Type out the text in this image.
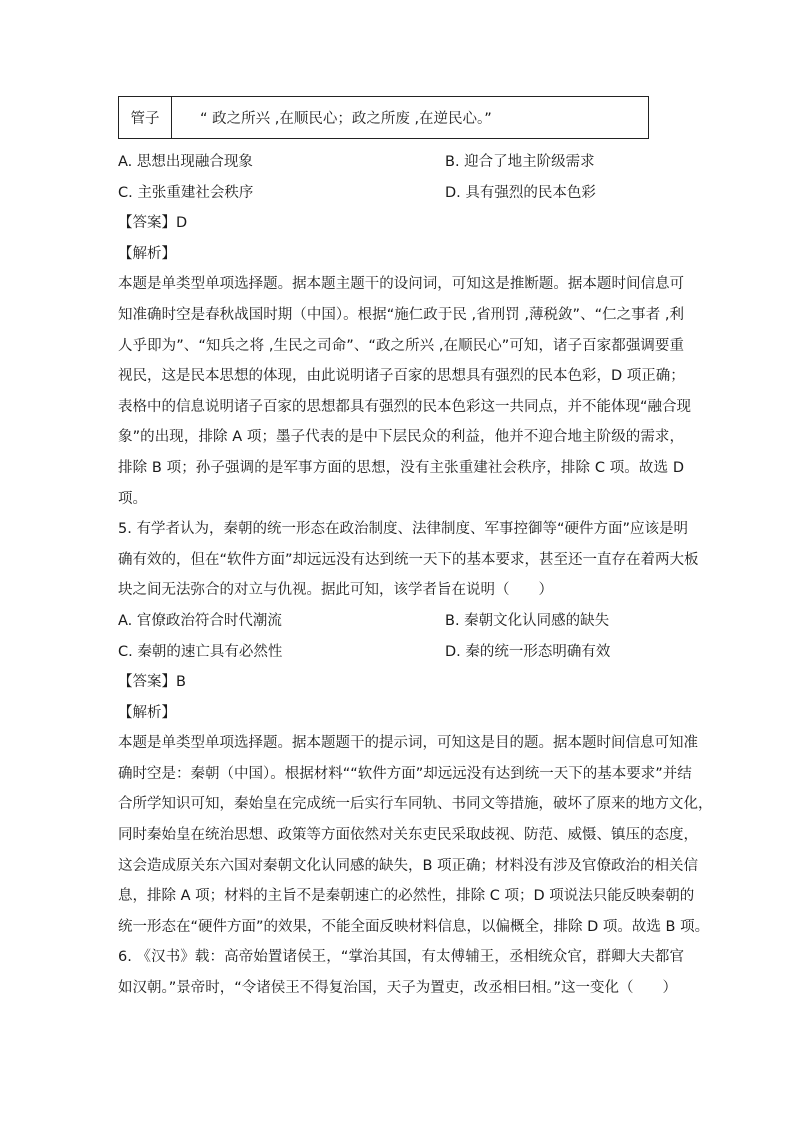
管子	“ 政之所兴 ,在顺民心；政之所废 ,在逆民心。”
A. 思想出现融合现象	B. 迎合了地主阶级需求
C. 主张重建社会秩序	D. 具有强烈的民本色彩
【答案】D
【解析】
本题是单类型单项选择题。据本题主题干的设问词，可知这是推断题。据本题时间信息可
知准确时空是春秋战国时期（中国）。根据“施仁政于民 ,省刑罚 ,薄税敛”、“仁之事者 ,利
人乎即为”、“知兵之将 ,生民之司命”、“政之所兴 ,在顺民心”可知，诸子百家都强调要重
视民，这是民本思想的体现，由此说明诸子百家的思想具有强烈的民本色彩，D 项正确；
表格中的信息说明诸子百家的思想都具有强烈的民本色彩这一共同点，并不能体现“融合现
象”的出现，排除 A 项；墨子代表的是中下层民众的利益，他并不迎合地主阶级的需求，
排除 B 项；孙子强调的是军事方面的思想，没有主张重建社会秩序，排除 C 项。故选 D
项。
5. 有学者认为，秦朝的统一形态在政治制度、法律制度、军事控御等“硬件方面”应该是明
确有效的，但在“软件方面”却远远没有达到统一天下的基本要求，甚至还一直存在着两大板
块之间无法弥合的对立与仇视。据此可知，该学者旨在说明（　　）
A. 官僚政治符合时代潮流	B. 秦朝文化认同感的缺失
C. 秦朝的速亡具有必然性	D. 秦的统一形态明确有效
【答案】B
【解析】
本题是单类型单项选择题。据本题题干的提示词，可知这是目的题。据本题时间信息可知准
确时空是：秦朝（中国）。根据材料““软件方面”却远远没有达到统一天下的基本要求”并结
合所学知识可知，秦始皇在完成统一后实行车同轨、书同文等措施，破坏了原来的地方文化，
同时秦始皇在统治思想、政策等方面依然对关东吏民采取歧视、防范、威慑、镇压的态度，
这会造成原关东六国对秦朝文化认同感的缺失，B 项正确；材料没有涉及官僚政治的相关信
息，排除 A 项；材料的主旨不是秦朝速亡的必然性，排除 C 项；D 项说法只能反映秦朝的
统一形态在“硬件方面”的效果，不能全面反映材料信息，以偏概全，排除 D 项。故选 B 项。
6. 《汉书》载：高帝始置诸侯王，“掌治其国，有太傅辅王，丞相统众官，群卿大夫都官
如汉朝。”景帝时，“令诸侯王不得复治国，天子为置吏，改丞相曰相。”这一变化（　　）
